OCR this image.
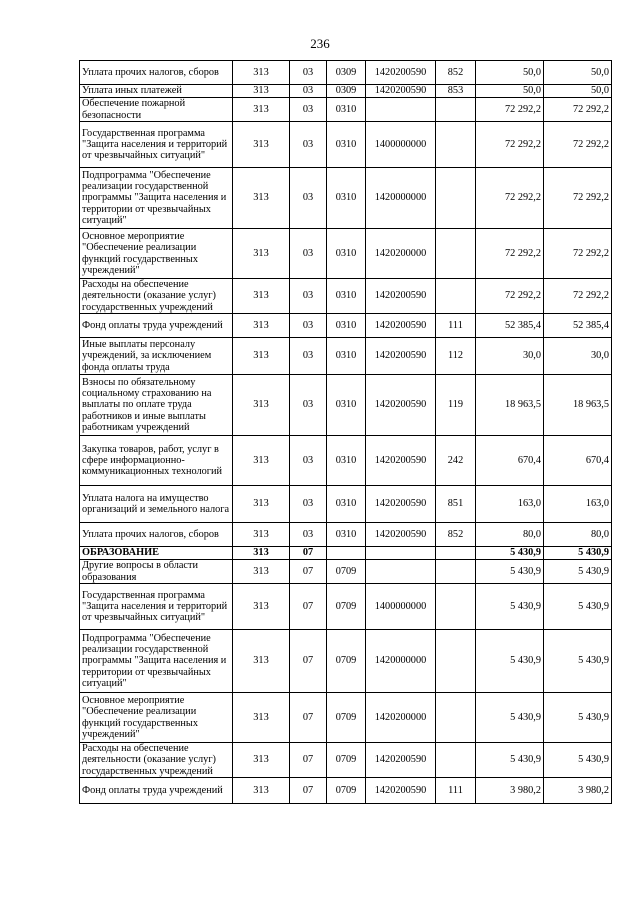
236
Уплата прочих налогов, сборов	313	03	0309	1420200590	852	50,0	50,0
Уплата иных платежей	313	03	0309	1420200590	853	50,0	50,0
Обеспечение пожарной безопасности	313	03	0310			72 292,2	72 292,2
Государственная программа "Защита населения и территорий от чрезвычайных ситуаций"	313	03	0310	1400000000		72 292,2	72 292,2
Подпрограмма "Обеспечение реализации государственной программы "Защита населения и территории от чрезвычайных ситуаций"	313	03	0310	1420000000		72 292,2	72 292,2
Основное мероприятие "Обеспечение реализации функций государственных учреждений"	313	03	0310	1420200000		72 292,2	72 292,2
Расходы на обеспечение деятельности (оказание услуг) государственных учреждений	313	03	0310	1420200590		72 292,2	72 292,2
Фонд оплаты труда учреждений	313	03	0310	1420200590	111	52 385,4	52 385,4
Иные выплаты персоналу учреждений, за исключением фонда оплаты труда	313	03	0310	1420200590	112	30,0	30,0
Взносы по обязательному социальному страхованию на выплаты по оплате труда работников и иные выплаты работникам учреждений	313	03	0310	1420200590	119	18 963,5	18 963,5
Закупка товаров, работ, услуг в сфере информационно-коммуникационных технологий	313	03	0310	1420200590	242	670,4	670,4
Уплата налога на имущество организаций и земельного налога	313	03	0310	1420200590	851	163,0	163,0
Уплата прочих налогов, сборов	313	03	0310	1420200590	852	80,0	80,0
ОБРАЗОВАНИЕ	313	07				5 430,9	5 430,9
Другие вопросы в области образования	313	07	0709			5 430,9	5 430,9
Государственная программа "Защита населения и территорий от чрезвычайных ситуаций"	313	07	0709	1400000000		5 430,9	5 430,9
Подпрограмма "Обеспечение реализации государственной программы "Защита населения и территории от чрезвычайных ситуаций"	313	07	0709	1420000000		5 430,9	5 430,9
Основное мероприятие "Обеспечение реализации функций государственных учреждений"	313	07	0709	1420200000		5 430,9	5 430,9
Расходы на обеспечение деятельности (оказание услуг) государственных учреждений	313	07	0709	1420200590		5 430,9	5 430,9
Фонд оплаты труда учреждений	313	07	0709	1420200590	111	3 980,2	3 980,2
